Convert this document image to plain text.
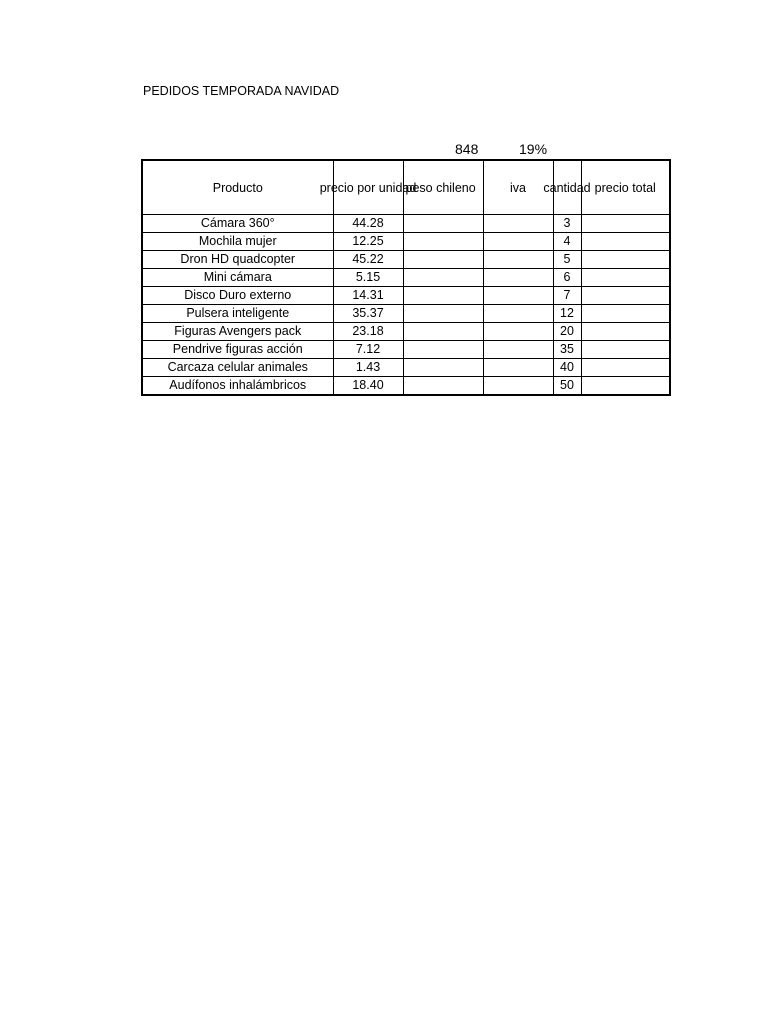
PEDIDOS TEMPORADA NAVIDAD
848	19%
Producto	precio por unidad	peso chileno	iva	cantidad	precio total
Cámara 360°	44.28			3	
Mochila mujer	12.25			4	
Dron HD quadcopter	45.22			5	
Mini cámara	5.15			6	
Disco Duro externo	14.31			7	
Pulsera inteligente	35.37			12	
Figuras Avengers pack	23.18			20	
Pendrive figuras acción	7.12			35	
Carcaza celular animales	1.43			40	
Audífonos inhalámbricos	18.40			50	
